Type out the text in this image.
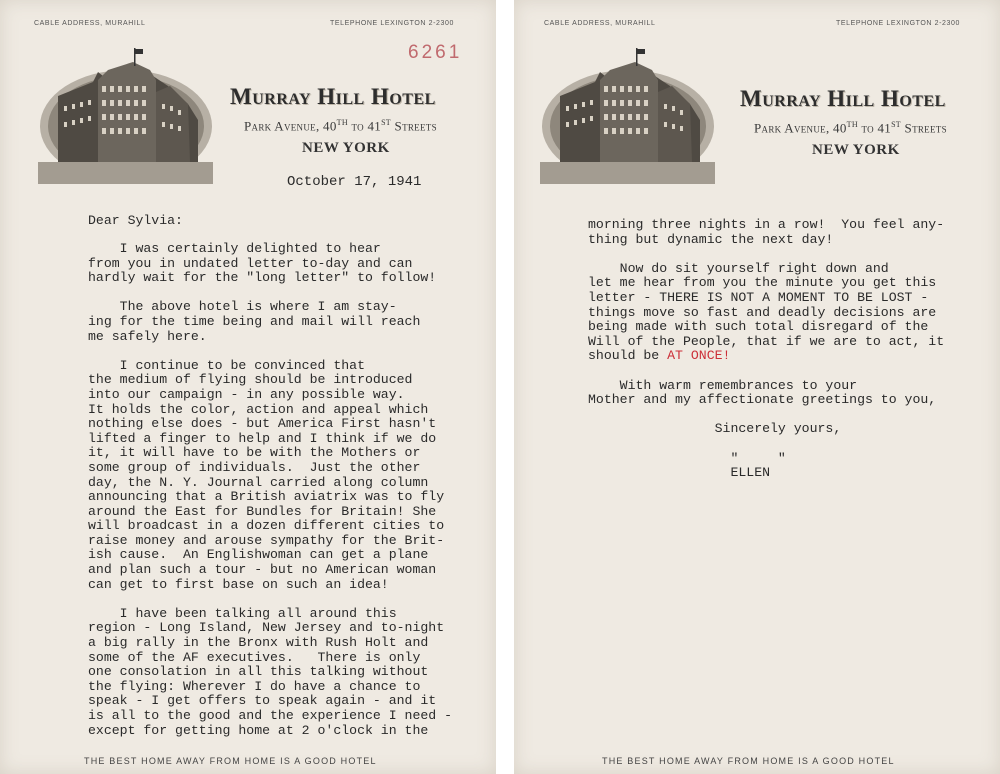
CABLE ADDRESS, MURAHILL	TELEPHONE LEXINGTON 2-2300
6261
Murray Hill Hotel
Park Avenue, 40TH to 41ST Streets
NEW YORK
October 17, 1941
Dear Sylvia:
I was certainly delighted to hear
from you in undated letter to-day and can
hardly wait for the "long letter" to follow!
The above hotel is where I am stay-
ing for the time being and mail will reach
me safely here.
I continue to be convinced that
the medium of flying should be introduced
into our campaign - in any possible way.
It holds the color, action and appeal which
nothing else does - but America First hasn't
lifted a finger to help and I think if we do
it, it will have to be with the Mothers or
some group of individuals.  Just the other
day, the N. Y. Journal carried along column
announcing that a British aviatrix was to fly
around the East for Bundles for Britain! She
will broadcast in a dozen different cities to
raise money and arouse sympathy for the Brit-
ish cause.  An Englishwoman can get a plane
and plan such a tour - but no American woman
can get to first base on such an idea!
I have been talking all around this
region - Long Island, New Jersey and to-night
a big rally in the Bronx with Rush Holt and
some of the AF executives.   There is only
one consolation in all this talking without
the flying: Wherever I do have a chance to
speak - I get offers to speak again - and it
is all to the good and the experience I need -
except for getting home at 2 o'clock in the
THE BEST HOME AWAY FROM HOME IS A GOOD HOTEL
CABLE ADDRESS, MURAHILL	TELEPHONE LEXINGTON 2-2300
Murray Hill Hotel
Park Avenue, 40TH to 41ST Streets
NEW YORK
morning three nights in a row!  You feel any-
thing but dynamic the next day!
Now do sit yourself right down and
let me hear from you the minute you get this
letter - THERE IS NOT A MOMENT TO BE LOST -
things move so fast and deadly decisions are
being made with such total disregard of the
Will of the People, that if we are to act, it
should be AT ONCE!
With warm remembrances to your
Mother and my affectionate greetings to you,
Sincerely yours,
"     "
ELLEN
THE BEST HOME AWAY FROM HOME IS A GOOD HOTEL
